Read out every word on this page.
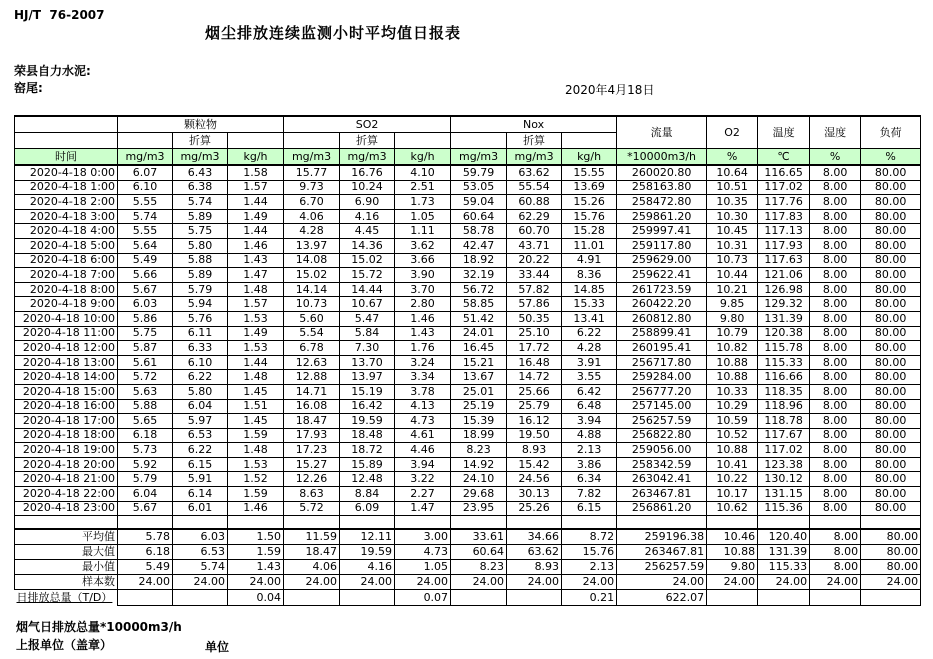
HJ/T  76-2007
烟尘排放连续监测小时平均值日报表
荣县自力水泥:
窑尾:	2020年4月18日
	颗粒物			SO2			Nox			流量	O2	温度	湿度	负荷
		折算			折算			折算						
时间	mg/m3	mg/m3	kg/h	mg/m3	mg/m3	kg/h	mg/m3	mg/m3	kg/h	*10000m3/h	%	℃	%	%
2020-4-18 0:00	6.07	6.43	1.58	15.77	16.76	4.10	59.79	63.62	15.55	260020.80	10.64	116.65	8.00	80.00
2020-4-18 1:00	6.10	6.38	1.57	9.73	10.24	2.51	53.05	55.54	13.69	258163.80	10.51	117.02	8.00	80.00
2020-4-18 2:00	5.55	5.74	1.44	6.70	6.90	1.73	59.04	60.88	15.26	258472.80	10.35	117.76	8.00	80.00
2020-4-18 3:00	5.74	5.89	1.49	4.06	4.16	1.05	60.64	62.29	15.76	259861.20	10.30	117.83	8.00	80.00
2020-4-18 4:00	5.55	5.75	1.44	4.28	4.45	1.11	58.78	60.70	15.28	259997.41	10.45	117.13	8.00	80.00
2020-4-18 5:00	5.64	5.80	1.46	13.97	14.36	3.62	42.47	43.71	11.01	259117.80	10.31	117.93	8.00	80.00
2020-4-18 6:00	5.49	5.88	1.43	14.08	15.02	3.66	18.92	20.22	4.91	259629.00	10.73	117.63	8.00	80.00
2020-4-18 7:00	5.66	5.89	1.47	15.02	15.72	3.90	32.19	33.44	8.36	259622.41	10.44	121.06	8.00	80.00
2020-4-18 8:00	5.67	5.79	1.48	14.14	14.44	3.70	56.72	57.82	14.85	261723.59	10.21	126.98	8.00	80.00
2020-4-18 9:00	6.03	5.94	1.57	10.73	10.67	2.80	58.85	57.86	15.33	260422.20	9.85	129.32	8.00	80.00
2020-4-18 10:00	5.86	5.76	1.53	5.60	5.47	1.46	51.42	50.35	13.41	260812.80	9.80	131.39	8.00	80.00
2020-4-18 11:00	5.75	6.11	1.49	5.54	5.84	1.43	24.01	25.10	6.22	258899.41	10.79	120.38	8.00	80.00
2020-4-18 12:00	5.87	6.33	1.53	6.78	7.30	1.76	16.45	17.72	4.28	260195.41	10.82	115.78	8.00	80.00
2020-4-18 13:00	5.61	6.10	1.44	12.63	13.70	3.24	15.21	16.48	3.91	256717.80	10.88	115.33	8.00	80.00
2020-4-18 14:00	5.72	6.22	1.48	12.88	13.97	3.34	13.67	14.72	3.55	259284.00	10.88	116.66	8.00	80.00
2020-4-18 15:00	5.63	5.80	1.45	14.71	15.19	3.78	25.01	25.66	6.42	256777.20	10.33	118.35	8.00	80.00
2020-4-18 16:00	5.88	6.04	1.51	16.08	16.42	4.13	25.19	25.79	6.48	257145.00	10.29	118.96	8.00	80.00
2020-4-18 17:00	5.65	5.97	1.45	18.47	19.59	4.73	15.39	16.12	3.94	256257.59	10.59	118.78	8.00	80.00
2020-4-18 18:00	6.18	6.53	1.59	17.93	18.48	4.61	18.99	19.50	4.88	256822.80	10.52	117.67	8.00	80.00
2020-4-18 19:00	5.73	6.22	1.48	17.23	18.72	4.46	8.23	8.93	2.13	259056.00	10.88	117.02	8.00	80.00
2020-4-18 20:00	5.92	6.15	1.53	15.27	15.89	3.94	14.92	15.42	3.86	258342.59	10.41	123.38	8.00	80.00
2020-4-18 21:00	5.79	5.91	1.52	12.26	12.48	3.22	24.10	24.56	6.34	263042.41	10.22	130.12	8.00	80.00
2020-4-18 22:00	6.04	6.14	1.59	8.63	8.84	2.27	29.68	30.13	7.82	263467.81	10.17	131.15	8.00	80.00
2020-4-18 23:00	5.67	6.01	1.46	5.72	6.09	1.47	23.95	25.26	6.15	256861.20	10.62	115.36	8.00	80.00

平均值	5.78	6.03	1.50	11.59	12.11	3.00	33.61	34.66	8.72	259196.38	10.46	120.40	8.00	80.00
最大值	6.18	6.53	1.59	18.47	19.59	4.73	60.64	63.62	15.76	263467.81	10.88	131.39	8.00	80.00
最小值	5.49	5.74	1.43	4.06	4.16	1.05	8.23	8.93	2.13	256257.59	9.80	115.33	8.00	80.00
样本数	24.00	24.00	24.00	24.00	24.00	24.00	24.00	24.00	24.00	24.00	24.00	24.00	24.00	24.00
日排放总量（T/D）			0.04			0.07			0.21	622.07				
烟气日排放总量*10000m3/h
上报单位（盖章）	单位
